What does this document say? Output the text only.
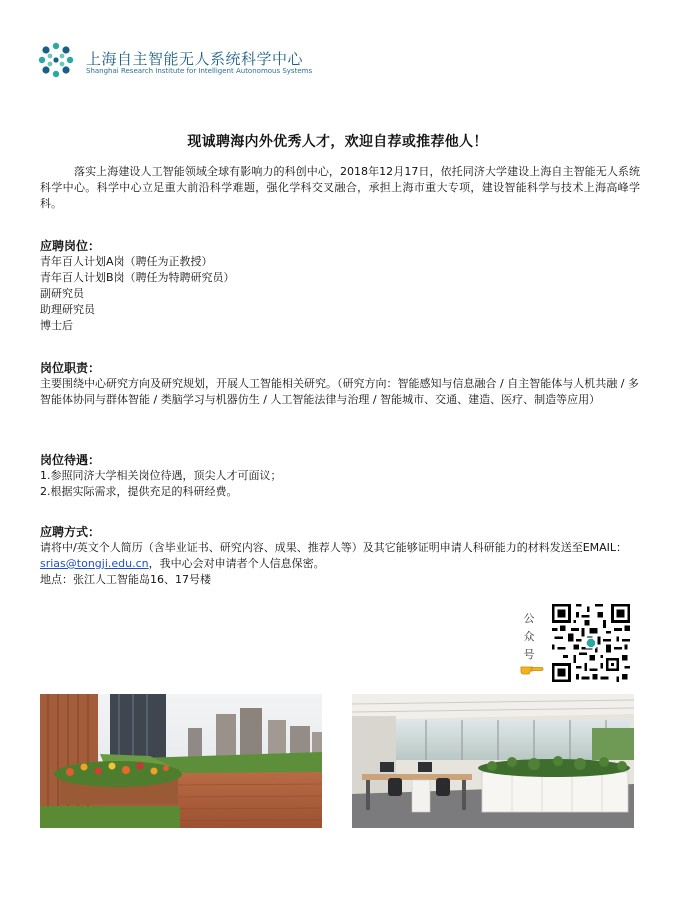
上海自主智能无人系统科学中心
Shanghai Research Institute for Intelligent Autonomous Systems
现诚聘海内外优秀人才，欢迎自荐或推荐他人！
落实上海建设人工智能领域全球有影响力的科创中心，2018年12月17日，依托同济大学建设上海自主智能无人系统科学中心。科学中心立足重大前沿科学难题，强化学科交叉融合，承担上海市重大专项，建设智能科学与技术上海高峰学科。
应聘岗位：
青年百人计划A岗（聘任为正教授）
青年百人计划B岗（聘任为特聘研究员）
副研究员
助理研究员
博士后
岗位职责：
主要围绕中心研究方向及研究规划，开展人工智能相关研究。（研究方向：智能感知与信息融合 / 自主智能体与人机共融 / 多智能体协同与群体智能 / 类脑学习与机器仿生 / 人工智能法律与治理 / 智能城市、交通、建造、医疗、制造等应用）
岗位待遇：
1.参照同济大学相关岗位待遇，顶尖人才可面议；
2.根据实际需求，提供充足的科研经费。
应聘方式：
请将中/英文个人简历（含毕业证书、研究内容、成果、推荐人等）及其它能够证明申请人科研能力的材料发送至EMAIL：srias@tongji.edu.cn，我中心会对申请者个人信息保密。
地点：张江人工智能岛16、17号楼
公
众
号
